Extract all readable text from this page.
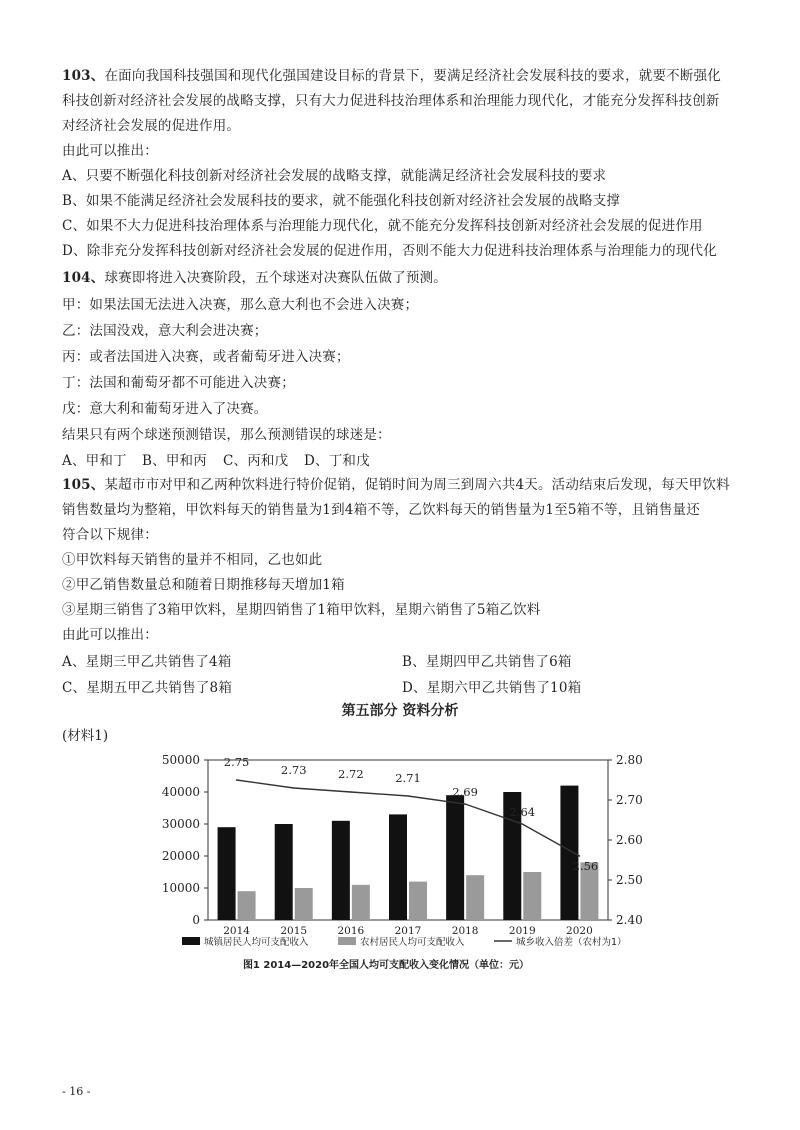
103、在面向我国科技强国和现代化强国建设目标的背景下，要满足经济社会发展科技的要求，就要不断强化
科技创新对经济社会发展的战略支撑，只有大力促进科技治理体系和治理能力现代化，才能充分发挥科技创新
对经济社会发展的促进作用。
由此可以推出：
A、只要不断强化科技创新对经济社会发展的战略支撑，就能满足经济社会发展科技的要求
B、如果不能满足经济社会发展科技的要求，就不能强化科技创新对经济社会发展的战略支撑
C、如果不大力促进科技治理体系与治理能力现代化，就不能充分发挥科技创新对经济社会发展的促进作用
D、除非充分发挥科技创新对经济社会发展的促进作用，否则不能大力促进科技治理体系与治理能力的现代化
104、球赛即将进入决赛阶段，五个球迷对决赛队伍做了预测。
甲：如果法国无法进入决赛，那么意大利也不会进入决赛；
乙：法国没戏，意大利会进决赛；
丙：或者法国进入决赛，或者葡萄牙进入决赛；
丁：法国和葡萄牙都不可能进入决赛；
戊：意大利和葡萄牙进入了决赛。
结果只有两个球迷预测错误，那么预测错误的球迷是：
A、甲和丁 B、甲和丙 C、丙和戊 D、丁和戊
105、某超市市对甲和乙两种饮料进行特价促销，促销时间为周三到周六共4天。活动结束后发现，每天甲饮料
销售数量均为整箱，甲饮料每天的销售量为1到4箱不等，乙饮料每天的销售量为1至5箱不等，且销售量还
符合以下规律：
①甲饮料每天销售的量并不相同，乙也如此
②甲乙销售数量总和随着日期推移每天增加1箱
③星期三销售了3箱甲饮料，星期四销售了1箱甲饮料，星期六销售了5箱乙饮料
由此可以推出：
A、星期三甲乙共销售了4箱	B、星期四甲乙共销售了6箱
C、星期五甲乙共销售了8箱	D、星期六甲乙共销售了10箱
第五部分 资料分析
(材料1)
0
10000
20000
30000
40000
50000
2.40
2.50
2.60
2.70
2.80
2014	2015	2016	2017	2018	2019	2020
2.75
2.73	2.72	2.71
2.69
2.64
2.56
图1 2014—2020年全国人均可支配收入变化情况（单位：元）
城镇居民人均可支配收入	农村居民人均可支配收入	城乡收入倍差（农村为1）
- 16 -
